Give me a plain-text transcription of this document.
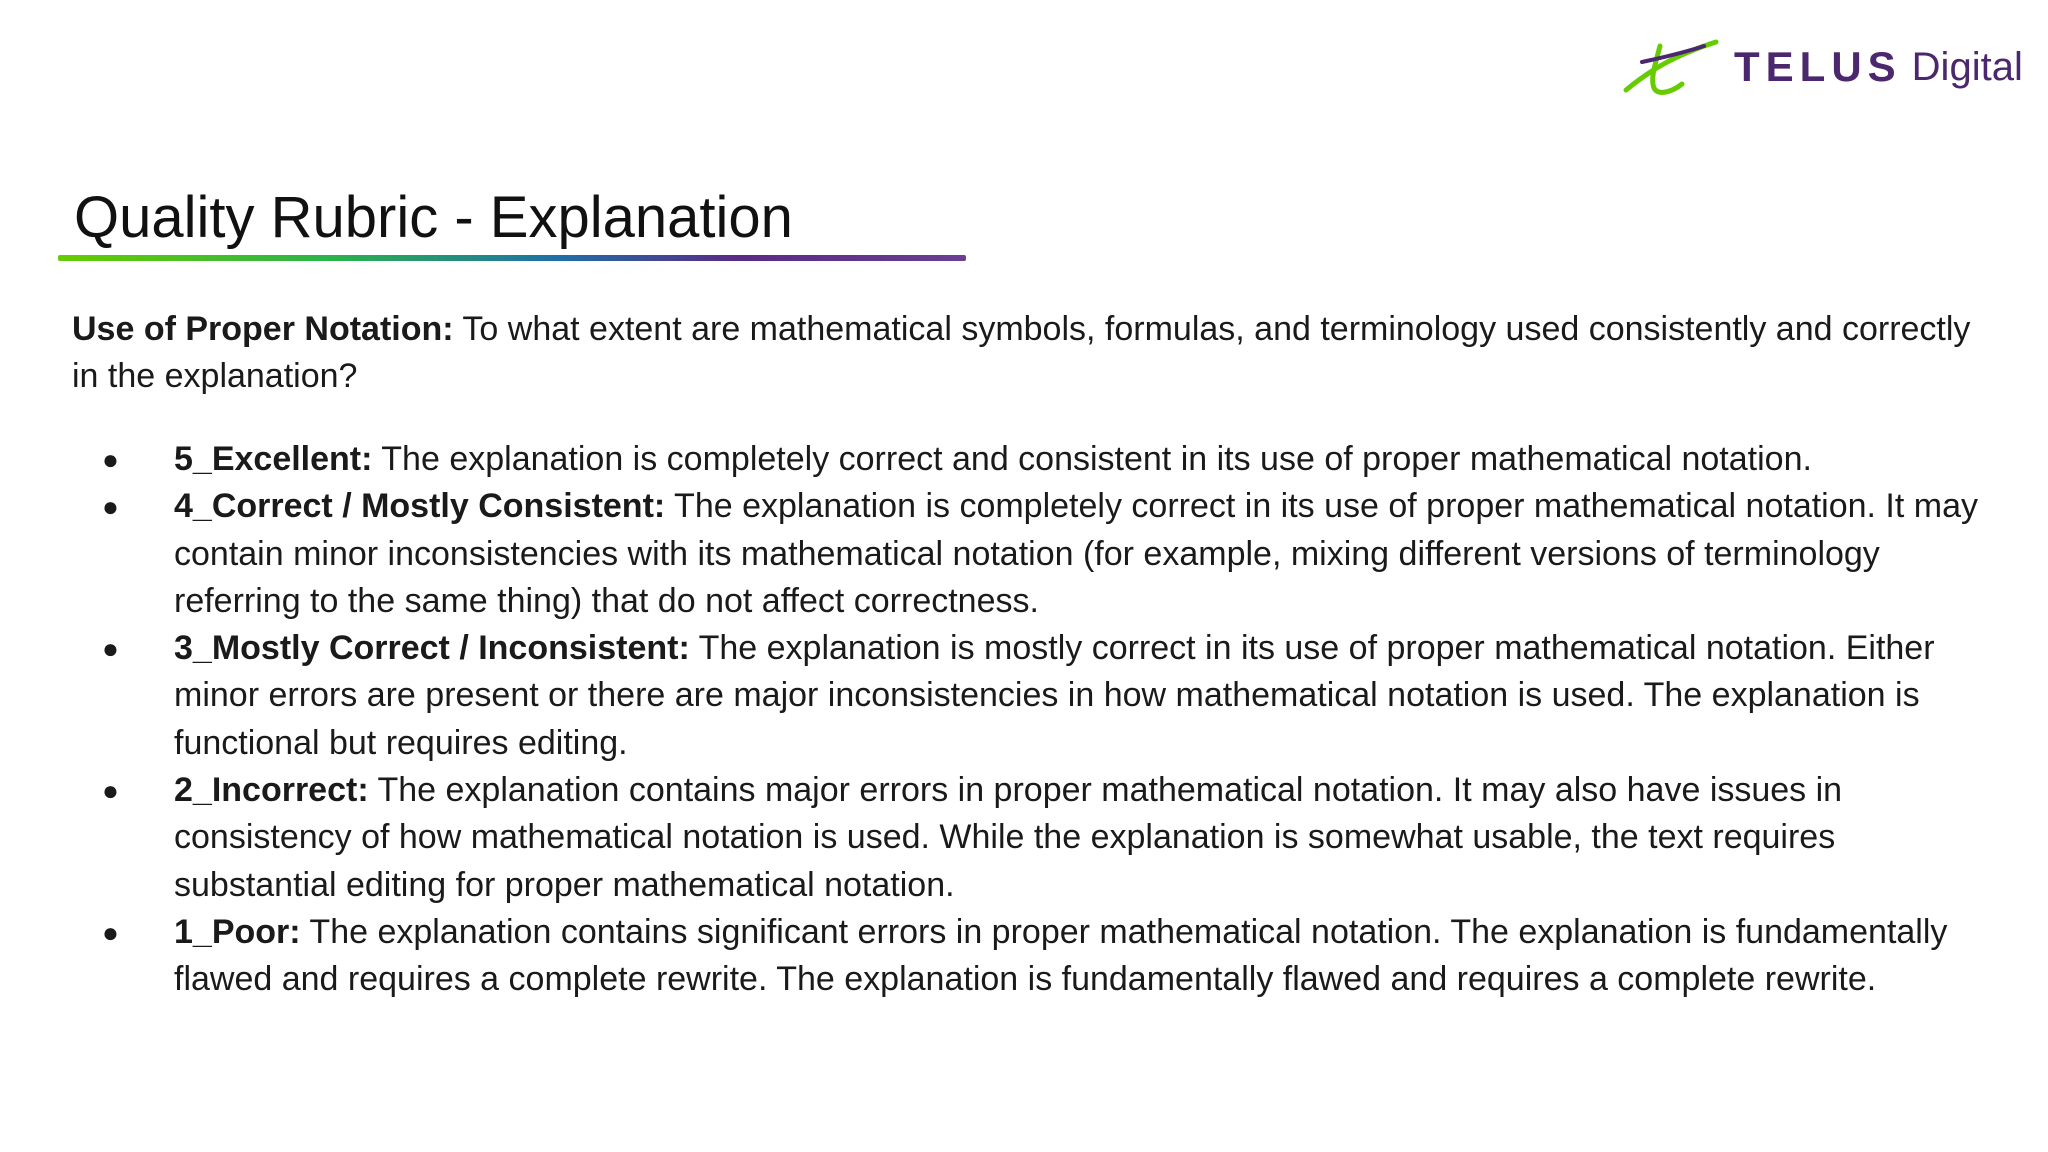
TELUS Digital
Quality Rubric - Explanation

Use of Proper Notation: To what extent are mathematical symbols, formulas, and terminology used consistently and correctly in the explanation?

● 5_Excellent: The explanation is completely correct and consistent in its use of proper mathematical notation.
● 4_Correct / Mostly Consistent: The explanation is completely correct in its use of proper mathematical notation. It may contain minor inconsistencies with its mathematical notation (for example, mixing different versions of terminology referring to the same thing) that do not affect correctness.
● 3_Mostly Correct / Inconsistent: The explanation is mostly correct in its use of proper mathematical notation. Either minor errors are present or there are major inconsistencies in how mathematical notation is used. The explanation is functional but requires editing.
● 2_Incorrect: The explanation contains major errors in proper mathematical notation. It may also have issues in consistency of how mathematical notation is used. While the explanation is somewhat usable, the text requires substantial editing for proper mathematical notation.
● 1_Poor: The explanation contains significant errors in proper mathematical notation. The explanation is fundamentally flawed and requires a complete rewrite. The explanation is fundamentally flawed and requires a complete rewrite.
